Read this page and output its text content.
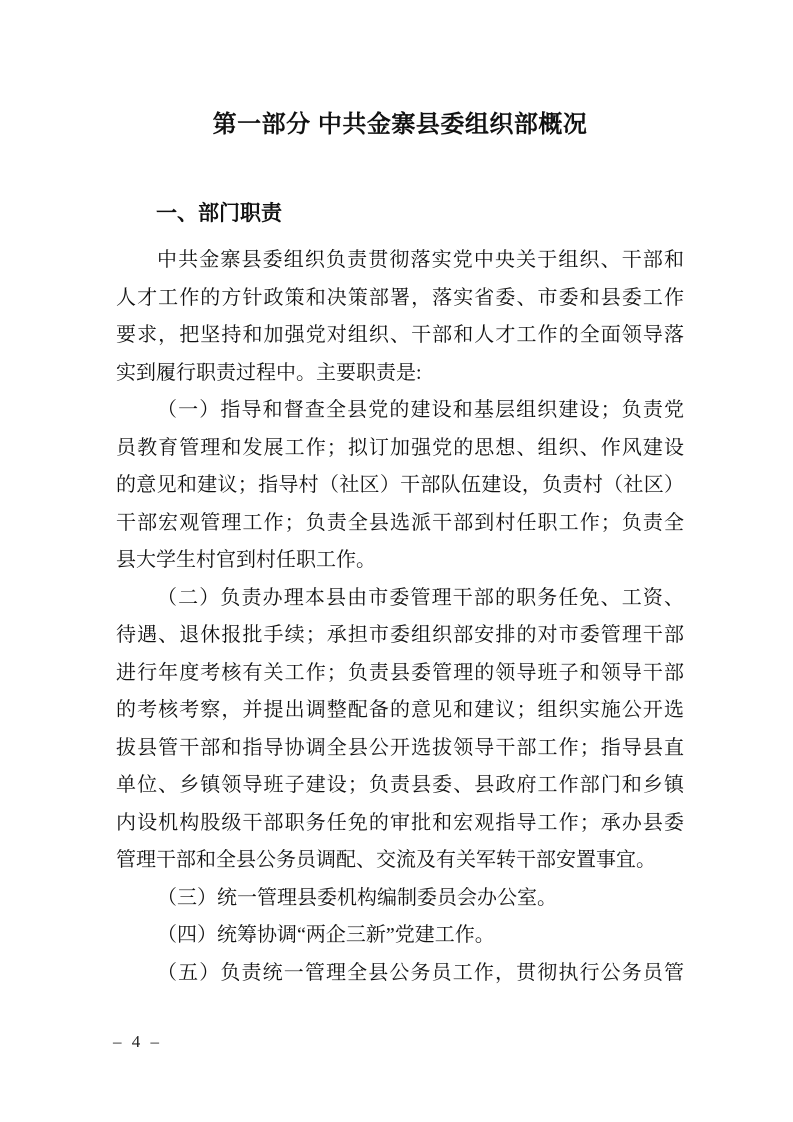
第一部分 中共金寨县委组织部概况
一、部门职责
中共金寨县委组织负责贯彻落实党中央关于组织、干部和
人才工作的方针政策和决策部署，落实省委、市委和县委工作
要求，把坚持和加强党对组织、干部和人才工作的全面领导落
实到履行职责过程中。主要职责是:
（一）指导和督查全县党的建设和基层组织建设；负责党
员教育管理和发展工作；拟订加强党的思想、组织、作风建设
的意见和建议；指导村（社区）干部队伍建设，负责村（社区）
干部宏观管理工作；负责全县选派干部到村任职工作；负责全
县大学生村官到村任职工作。
（二）负责办理本县由市委管理干部的职务任免、工资、
待遇、退休报批手续；承担市委组织部安排的对市委管理干部
进行年度考核有关工作；负责县委管理的领导班子和领导干部
的考核考察，并提出调整配备的意见和建议；组织实施公开选
拔县管干部和指导协调全县公开选拔领导干部工作；指导县直
单位、乡镇领导班子建设；负责县委、县政府工作部门和乡镇
内设机构股级干部职务任免的审批和宏观指导工作；承办县委
管理干部和全县公务员调配、交流及有关军转干部安置事宜。
（三）统一管理县委机构编制委员会办公室。
（四）统筹协调“两企三新”党建工作。
（五）负责统一管理全县公务员工作，贯彻执行公务员管
– 4 –
